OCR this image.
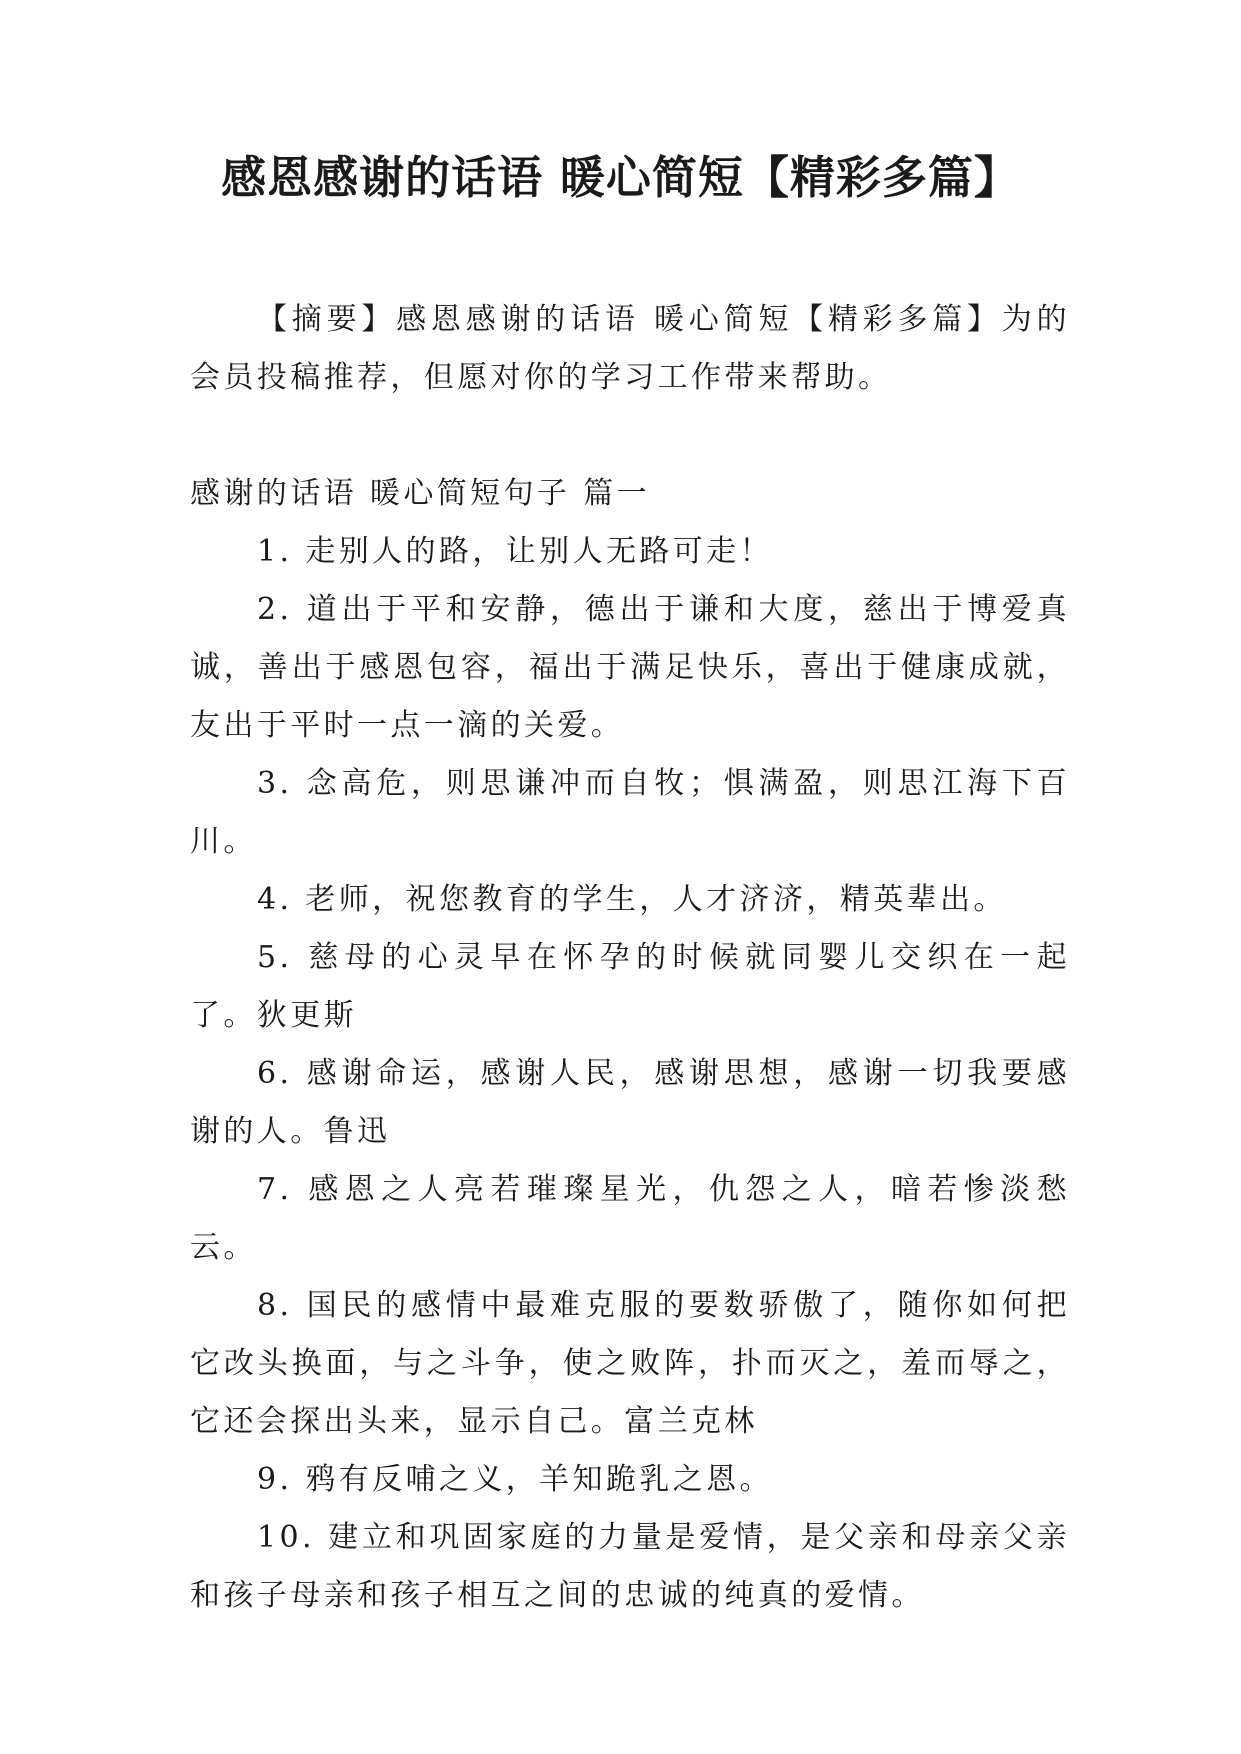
感恩感谢的话语 暖心简短【精彩多篇】

【摘要】感恩感谢的话语 暖心简短【精彩多篇】为的会员投稿推荐，但愿对你的学习工作带来帮助。

感谢的话语 暖心简短句子 篇一

1. 走别人的路，让别人无路可走！

2. 道出于平和安静，德出于谦和大度，慈出于博爱真诚，善出于感恩包容，福出于满足快乐，喜出于健康成就，友出于平时一点一滴的关爱。

3. 念高危，则思谦冲而自牧；惧满盈，则思江海下百川。

4. 老师，祝您教育的学生，人才济济，精英辈出。

5. 慈母的心灵早在怀孕的时候就同婴儿交织在一起了。狄更斯

6. 感谢命运，感谢人民，感谢思想，感谢一切我要感谢的人。鲁迅

7. 感恩之人亮若璀璨星光，仇怨之人，暗若惨淡愁云。

8. 国民的感情中最难克服的要数骄傲了，随你如何把它改头换面，与之斗争，使之败阵，扑而灭之，羞而辱之，它还会探出头来，显示自己。富兰克林

9. 鸦有反哺之义，羊知跪乳之恩。

10. 建立和巩固家庭的力量是爱情，是父亲和母亲父亲和孩子母亲和孩子相互之间的忠诚的纯真的爱情。
